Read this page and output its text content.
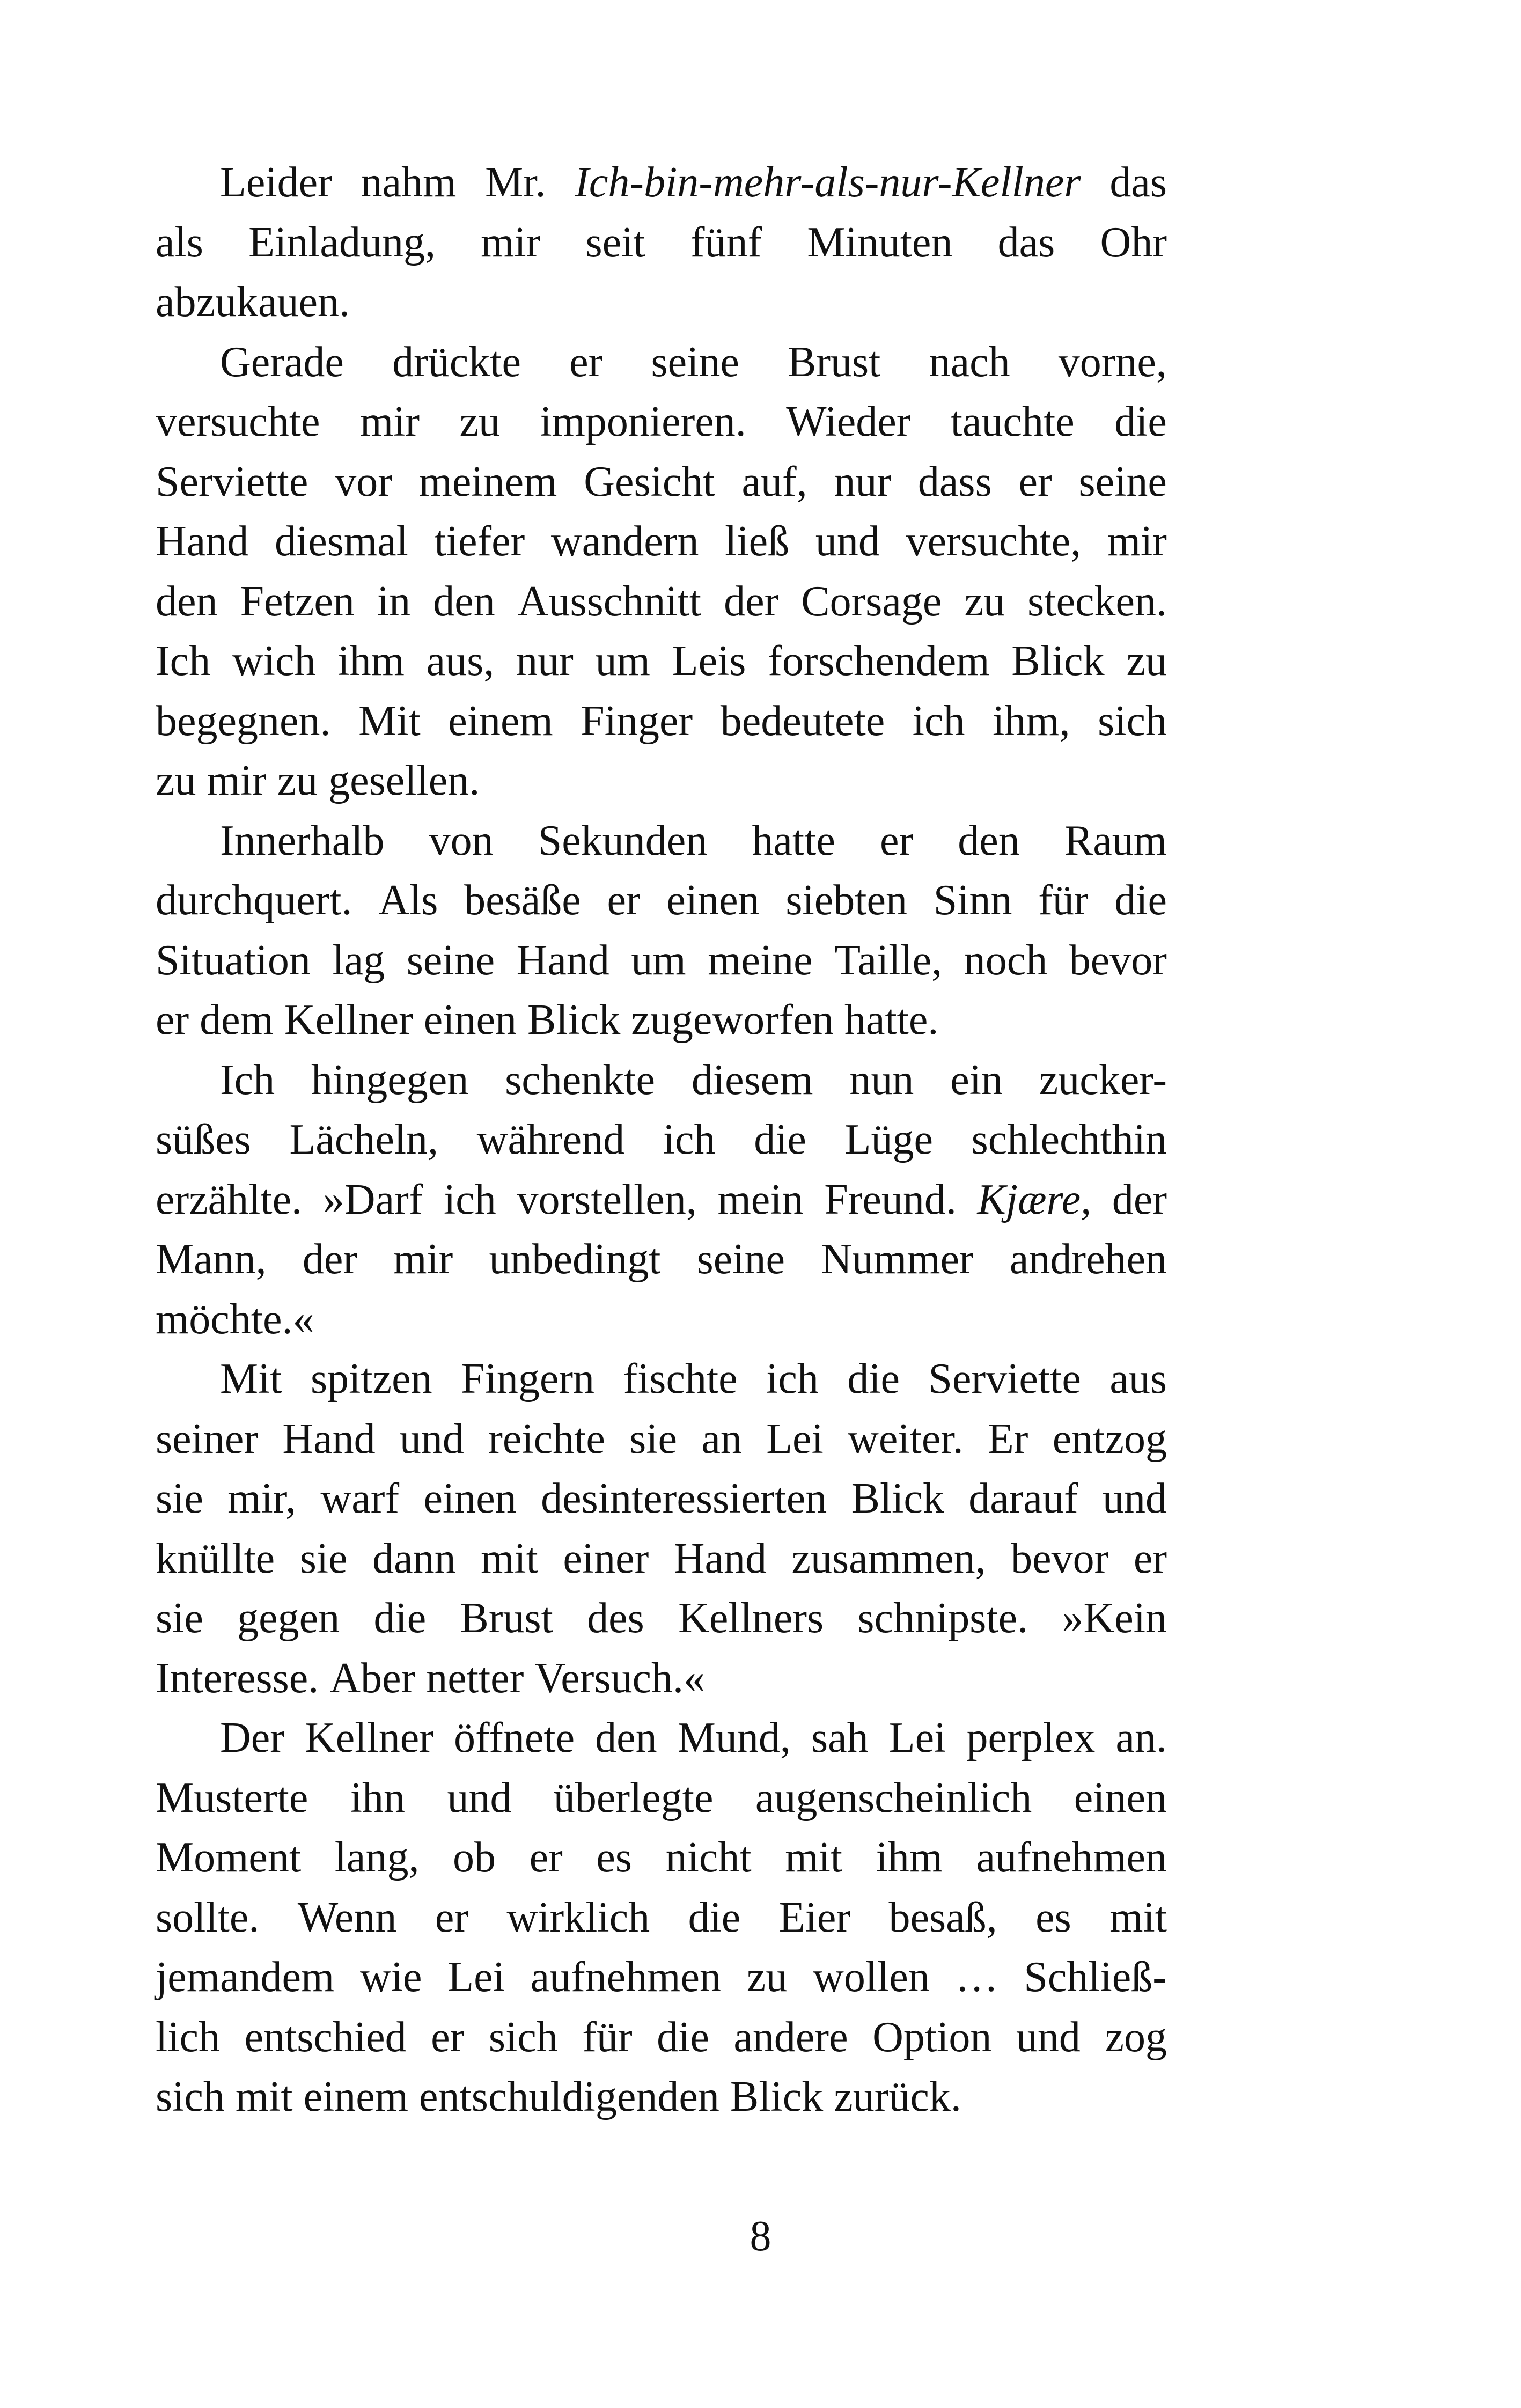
Leider nahm Mr. Ich-bin-mehr-als-nur-Kellner das
als Einladung, mir seit fünf Minuten das Ohr
abzukauen.
Gerade drückte er seine Brust nach vorne,
versuchte mir zu imponieren. Wieder tauchte die
Serviette vor meinem Gesicht auf, nur dass er seine
Hand diesmal tiefer wandern ließ und versuchte, mir
den Fetzen in den Ausschnitt der Corsage zu stecken.
Ich wich ihm aus, nur um Leis forschendem Blick zu
begegnen. Mit einem Finger bedeutete ich ihm, sich
zu mir zu gesellen.
Innerhalb von Sekunden hatte er den Raum
durchquert. Als besäße er einen siebten Sinn für die
Situation lag seine Hand um meine Taille, noch bevor
er dem Kellner einen Blick zugeworfen hatte.
Ich hingegen schenkte diesem nun ein zucker-
süßes Lächeln, während ich die Lüge schlechthin
erzählte. »Darf ich vorstellen, mein Freund. Kjære, der
Mann, der mir unbedingt seine Nummer andrehen
möchte.«
Mit spitzen Fingern fischte ich die Serviette aus
seiner Hand und reichte sie an Lei weiter. Er entzog
sie mir, warf einen desinteressierten Blick darauf und
knüllte sie dann mit einer Hand zusammen, bevor er
sie gegen die Brust des Kellners schnipste. »Kein
Interesse. Aber netter Versuch.«
Der Kellner öffnete den Mund, sah Lei perplex an.
Musterte ihn und überlegte augenscheinlich einen
Moment lang, ob er es nicht mit ihm aufnehmen
sollte. Wenn er wirklich die Eier besaß, es mit
jemandem wie Lei aufnehmen zu wollen … Schließ-
lich entschied er sich für die andere Option und zog
sich mit einem entschuldigenden Blick zurück.
8
